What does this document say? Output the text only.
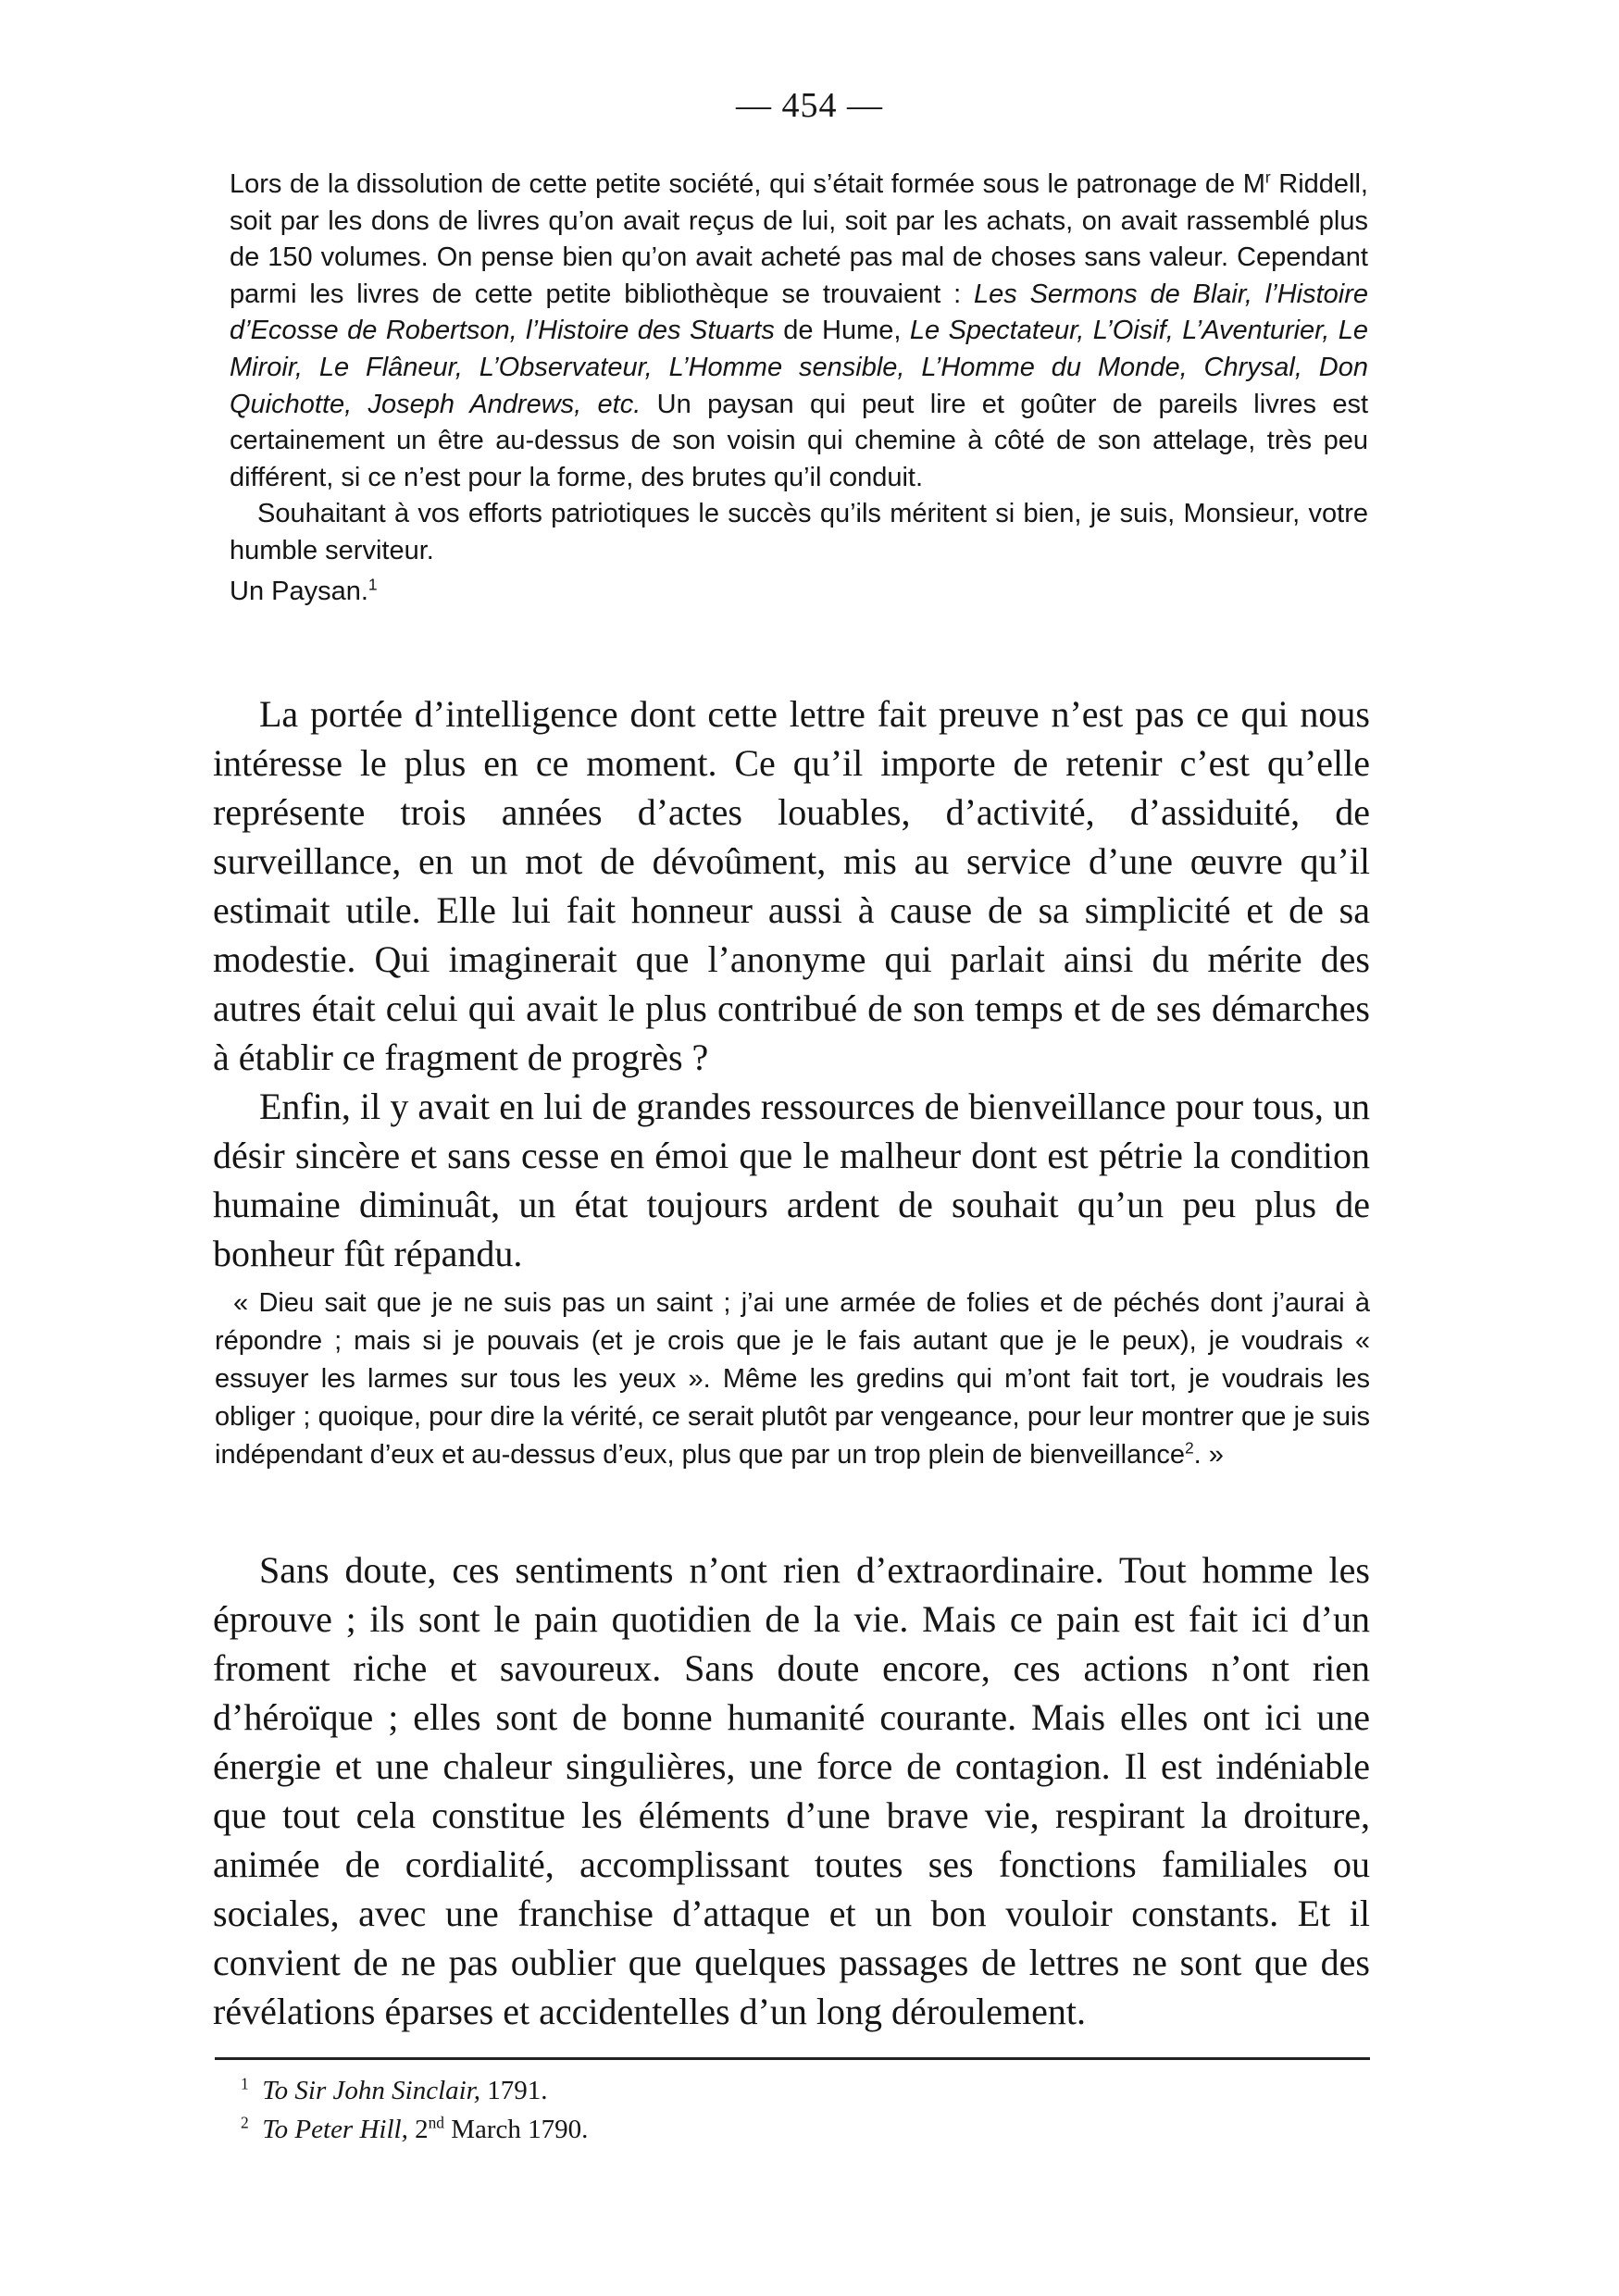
— 454 —

Lors de la dissolution de cette petite société, qui s’était formée sous le patronage de $M^r$ Riddell, soit par les dons de livres qu’on avait reçus de lui, soit par les achats, on avait rassemblé plus de 150 volumes. On pense bien qu’on avait acheté pas mal de choses sans valeur. Cependant parmi les livres de cette petite bibliothèque se trouvaient : Les Sermons de Blair, l’Histoire d’Ecosse de Robertson, l’Histoire des Stuarts de Hume, Le Spectateur, L’Oisif, L’Aventurier, Le Miroir, Le Flâneur, L’Observateur, L’Homme sensible, L’Homme du Monde, Chrysal, Don Quichotte, Joseph Andrews, etc. Un paysan qui peut lire et goûter de pareils livres est certainement un être au-dessus de son voisin qui chemine à côté de son attelage, très peu différent, si ce n’est pour la forme, des brutes qu’il conduit.

Souhaitant à vos efforts patriotiques le succès qu’ils méritent si bien, je suis, Monsieur, votre humble serviteur.

Un Paysan.$^1$

La portée d’intelligence dont cette lettre fait preuve n’est pas ce qui nous intéresse le plus en ce moment. Ce qu’il importe de retenir c’est qu’elle représente trois années d’actes louables, d’activité, d’assiduité, de surveillance, en un mot de dévoûment, mis au service d’une œuvre qu’il estimait utile. Elle lui fait honneur aussi à cause de sa simplicité et de sa modestie. Qui imaginerait que l’anonyme qui parlait ainsi du mérite des autres était celui qui avait le plus contribué de son temps et de ses démarches à établir ce fragment de progrès ?

Enfin, il y avait en lui de grandes ressources de bienveillance pour tous, un désir sincère et sans cesse en émoi que le malheur dont est pétrie la condition humaine diminuât, un état toujours ardent de souhait qu’un peu plus de bonheur fût répandu.

« Dieu sait que je ne suis pas un saint ; j’ai une armée de folies et de péchés dont j’aurai à répondre ; mais si je pouvais (et je crois que je le fais autant que je le peux), je voudrais « essuyer les larmes sur tous les yeux ». Même les gredins qui m’ont fait tort, je voudrais les obliger ; quoique, pour dire la vérité, ce serait plutôt par vengeance, pour leur montrer que je suis indépendant d’eux et au-dessus d’eux, plus que par un trop plein de bienveillance$^2$. »

Sans doute, ces sentiments n’ont rien d’extraordinaire. Tout homme les éprouve ; ils sont le pain quotidien de la vie. Mais ce pain est fait ici d’un froment riche et savoureux. Sans doute encore, ces actions n’ont rien d’héroïque ; elles sont de bonne humanité courante. Mais elles ont ici une énergie et une chaleur singulières, une force de contagion. Il est indéniable que tout cela constitue les éléments d’une brave vie, respirant la droiture, animée de cordialité, accomplissant toutes ses fonctions familiales ou sociales, avec une franchise d’attaque et un bon vouloir constants. Et il convient de ne pas oublier que quelques passages de lettres ne sont que des révélations éparses et accidentelles d’un long déroulement.

$^1$ To Sir John Sinclair, 1791.
$^2$ To Peter Hill, 2nd March 1790.
